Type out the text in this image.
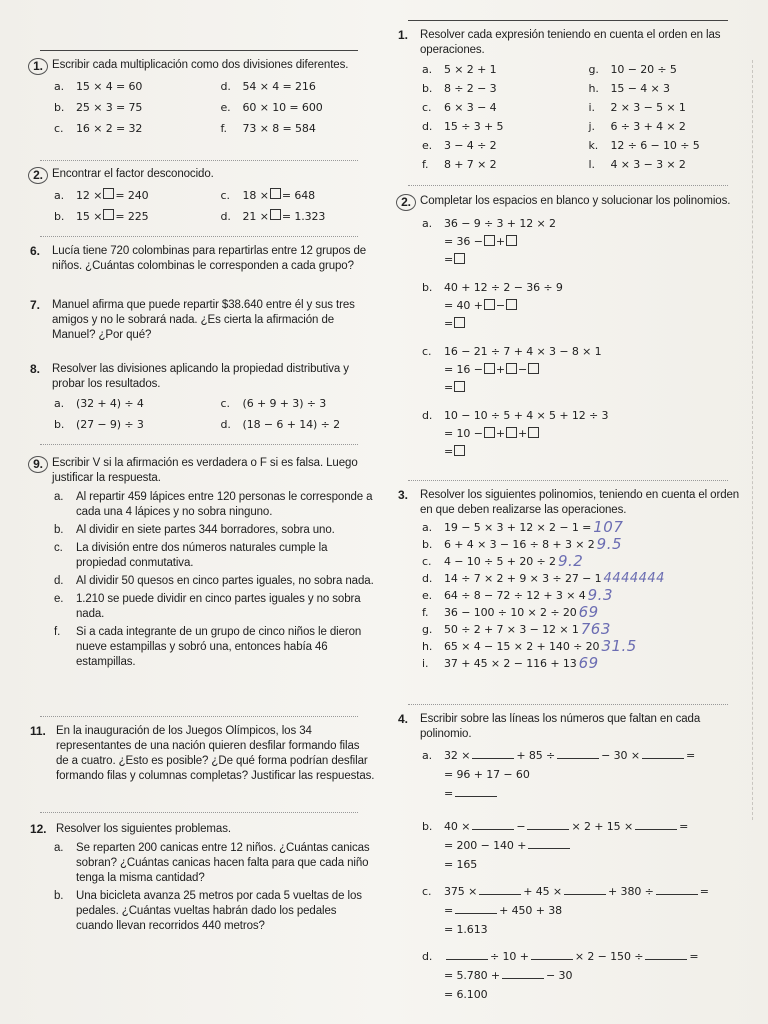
1. Escribir cada multiplicación como dos divisiones diferentes.
a.	15 × 4 = 60	d.	54 × 4 = 216
b.	25 × 3 = 75	e.	60 × 10 = 600
c.	16 × 2 = 32	f.	73 × 8 = 584
2. Encontrar el factor desconocido.
a.	12 × = 240	c.	18 × = 648
b.	15 × = 225	d.	21 × = 1.323
6.	Lucía tiene 720 colombinas para repartirlas entre 12 grupos de niños. ¿Cuántas colombinas le corresponden a cada grupo?
7.	Manuel afirma que puede repartir $38.640 entre él y sus tres amigos y no le sobrará nada. ¿Es cierta la afirmación de Manuel? ¿Por qué?
8.	Resolver las divisiones aplicando la propiedad distributiva y probar los resultados.
a.	(32 + 4) ÷ 4	c.	(6 + 9 + 3) ÷ 3
b.	(27 − 9) ÷ 3	d.	(18 − 6 + 14) ÷ 2
9. Escribir V si la afirmación es verdadera o F si es falsa. Luego justificar la respuesta.
a.	Al repartir 459 lápices entre 120 personas le corresponde a cada una 4 lápices y no sobra ninguno.
b.	Al dividir en siete partes 344 borradores, sobra uno.
c.	La división entre dos números naturales cumple la propiedad conmutativa.
d.	Al dividir 50 quesos en cinco partes iguales, no sobra nada.
e.	1.210 se puede dividir en cinco partes iguales y no sobra nada.
f.	Si a cada integrante de un grupo de cinco niños le dieron nueve estampillas y sobró una, entonces había 46 estampillas.
11. En la inauguración de los Juegos Olímpicos, los 34 representantes de una nación quieren desfilar formando filas de a cuatro. ¿Esto es posible? ¿De qué forma podrían desfilar formando filas y columnas completas? Justificar las respuestas.
12. Resolver los siguientes problemas.
a.	Se reparten 200 canicas entre 12 niños. ¿Cuántas canicas sobran? ¿Cuántas canicas hacen falta para que cada niño tenga la misma cantidad?
b.	Una bicicleta avanza 25 metros por cada 5 vueltas de los pedales. ¿Cuántas vueltas habrán dado los pedales cuando llevan recorridos 440 metros?
1.	Resolver cada expresión teniendo en cuenta el orden en las operaciones.
a.	5 × 2 + 1	g.	10 − 20 ÷ 5
b.	8 ÷ 2 − 3	h.	15 − 4 × 3
c.	6 × 3 − 4	i.	2 × 3 − 5 × 1
d.	15 ÷ 3 + 5	j.	6 ÷ 3 + 4 × 2
e.	3 − 4 ÷ 2	k.	12 ÷ 6 − 10 ÷ 5
f.	8 + 7 × 2	l.	4 × 3 − 3 × 2
2. Completar los espacios en blanco y solucionar los polinomios.
a. 36 − 9 ÷ 3 + 12 × 2
= 36 − +
=
b. 40 + 12 ÷ 2 − 36 ÷ 9
= 40 + −
=
c. 16 − 21 ÷ 7 + 4 × 3 − 8 × 1
= 16 − + −
=
d. 10 − 10 ÷ 5 + 4 × 5 + 12 ÷ 3
= 10 − + +
=
3.	Resolver los siguientes polinomios, teniendo en cuenta el orden en que deben realizarse las operaciones.
a.	19 − 5 × 3 + 12 × 2 − 1 = 107
b.	6 + 4 × 3 − 16 ÷ 8 + 3 × 2 9.5
c.	4 − 10 ÷ 5 + 20 ÷ 2 9.2
d.	14 ÷ 7 × 2 + 9 × 3 ÷ 27 − 1 4444444
e.	64 ÷ 8 − 72 ÷ 12 + 3 × 4 9.3
f.	36 − 100 ÷ 10 × 2 ÷ 20 69
g.	50 ÷ 2 + 7 × 3 − 12 × 1 763
h.	65 × 4 − 15 × 2 + 140 ÷ 20 31.5
i.	37 + 45 × 2 − 116 + 13 69
4.	Escribir sobre las líneas los números que faltan en cada polinomio.
a. 32 ×	+ 85 ÷	− 30 ×	=
= 96 + 17 − 60
=
b. 40 ×	−	× 2 + 15 ×	=
= 200 − 140 +
= 165
c. 375 ×	+ 45 ×	+ 380 ÷	=
=	+ 450 + 38
= 1.613
d.	÷ 10 +	× 2 − 150 ÷	=
= 5.780 +	− 30
= 6.100
